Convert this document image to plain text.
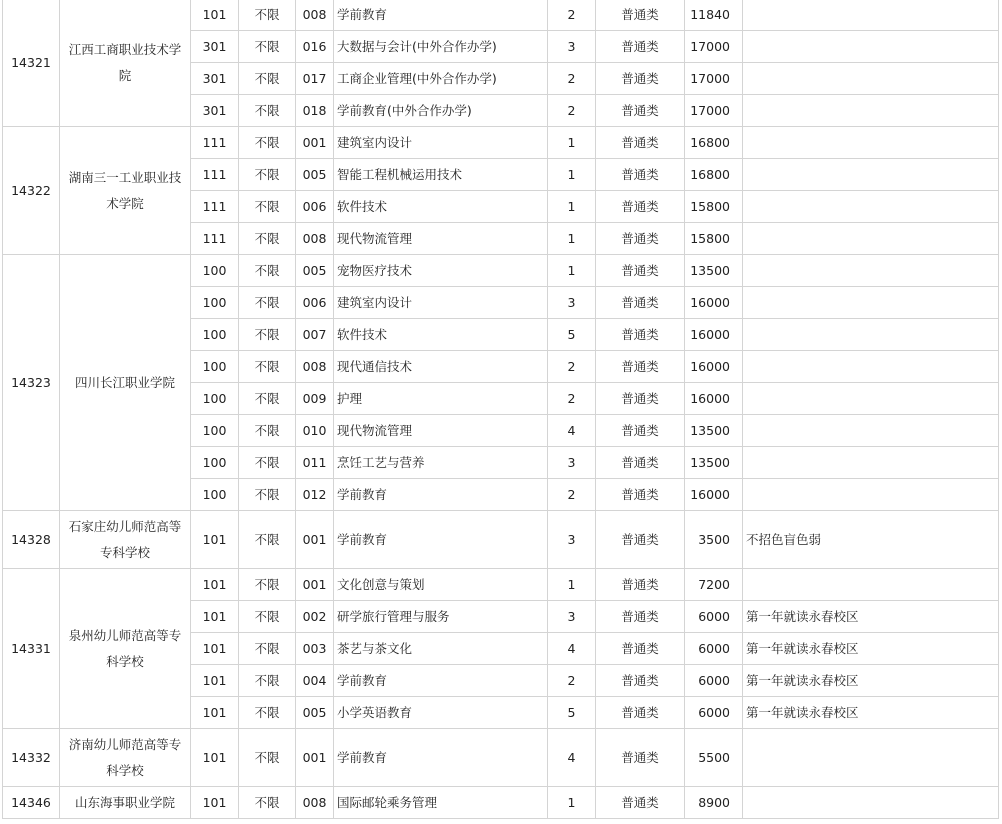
14321	江西工商职业技术学院	101	不限	008	学前教育	2	普通类	11840	
		301	不限	016	大数据与会计(中外合作办学)	3	普通类	17000	
		301	不限	017	工商企业管理(中外合作办学)	2	普通类	17000	
		301	不限	018	学前教育(中外合作办学)	2	普通类	17000	
14322	湖南三一工业职业技术学院	111	不限	001	建筑室内设计	1	普通类	16800	
		111	不限	005	智能工程机械运用技术	1	普通类	16800	
		111	不限	006	软件技术	1	普通类	15800	
		111	不限	008	现代物流管理	1	普通类	15800	
14323	四川长江职业学院	100	不限	005	宠物医疗技术	1	普通类	13500	
		100	不限	006	建筑室内设计	3	普通类	16000	
		100	不限	007	软件技术	5	普通类	16000	
		100	不限	008	现代通信技术	2	普通类	16000	
		100	不限	009	护理	2	普通类	16000	
		100	不限	010	现代物流管理	4	普通类	13500	
		100	不限	011	烹饪工艺与营养	3	普通类	13500	
		100	不限	012	学前教育	2	普通类	16000	
14328	石家庄幼儿师范高等专科学校	101	不限	001	学前教育	3	普通类	3500	不招色盲色弱
14331	泉州幼儿师范高等专科学校	101	不限	001	文化创意与策划	1	普通类	7200	
		101	不限	002	研学旅行管理与服务	3	普通类	6000	第一年就读永春校区
		101	不限	003	茶艺与茶文化	4	普通类	6000	第一年就读永春校区
		101	不限	004	学前教育	2	普通类	6000	第一年就读永春校区
		101	不限	005	小学英语教育	5	普通类	6000	第一年就读永春校区
14332	济南幼儿师范高等专科学校	101	不限	001	学前教育	4	普通类	5500	
14346	山东海事职业学院	101	不限	008	国际邮轮乘务管理	1	普通类	8900	
